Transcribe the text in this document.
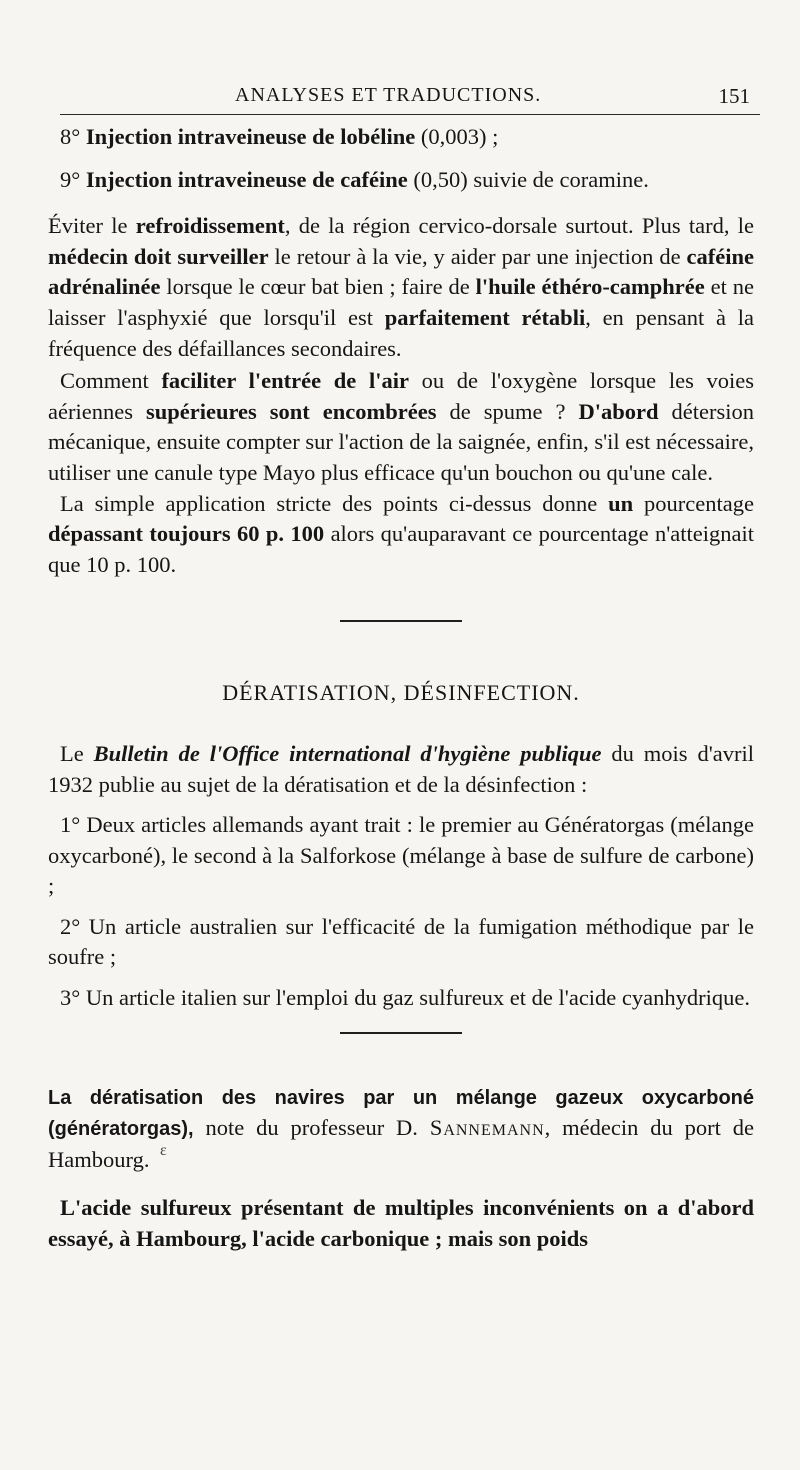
ANALYSES ET TRADUCTIONS.	151

8° Injection intraveineuse de lobéline (0,003) ;

9° Injection intraveineuse de caféine (0,50) suivie de coramine.

Éviter le refroidissement, de la région cervico-dorsale surtout. Plus tard, le médecin doit surveiller le retour à la vie, y aider par une injection de caféine adrénalinée lorsque le cœur bat bien ; faire de l'huile éthéro-camphrée et ne laisser l'asphyxié que lorsqu'il est parfaitement rétabli, en pensant à la fréquence des défaillances secondaires.

Comment faciliter l'entrée de l'air ou de l'oxygène lorsque les voies aériennes supérieures sont encombrées de spume ? D'abord détersion mécanique, ensuite compter sur l'action de la saignée, enfin, s'il est nécessaire, utiliser une canule type Mayo plus efficace qu'un bouchon ou qu'une cale.

La simple application stricte des points ci-dessus donne un pourcentage dépassant toujours 60 p. 100 alors qu'auparavant ce pourcentage n'atteignait que 10 p. 100.

DÉRATISATION, DÉSINFECTION.

Le Bulletin de l'Office international d'hygiène publique du mois d'avril 1932 publie au sujet de la dératisation et de la désinfection :

1° Deux articles allemands ayant trait : le premier au Génératorgas (mélange oxycarboné), le second à la Salforkose (mélange à base de sulfure de carbone) ;

2° Un article australien sur l'efficacité de la fumigation méthodique par le soufre ;

3° Un article italien sur l'emploi du gaz sulfureux et de l'acide cyanhydrique.

La dératisation des navires par un mélange gazeux oxycarboné (génératorgas), note du professeur D. Sannemann, médecin du port de Hambourg.

L'acide sulfureux présentant de multiples inconvénients on a d'abord essayé, à Hambourg, l'acide carbonique ; mais son poids

ɛ
